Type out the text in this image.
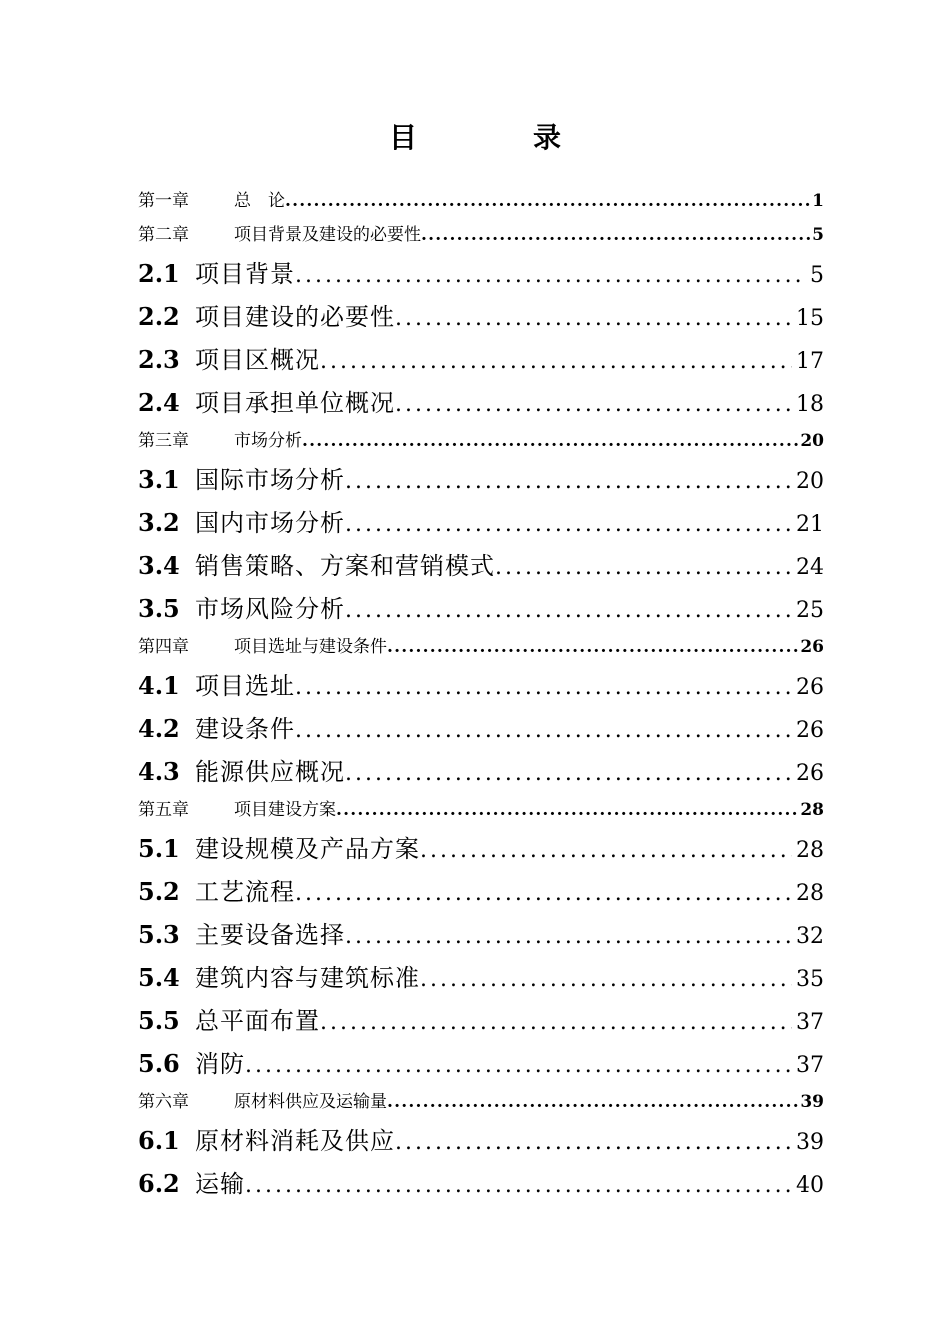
目　录
第一章	总　论 .....	1
第二章	项目背景及建设的必要性 .....	5
2.1 项目背景 .....	5
2.2 项目建设的必要性 .....	15
2.3 项目区概况 .....	17
2.4 项目承担单位概况 .....	18
第三章	市场分析 .....	20
3.1 国际市场分析 .....	20
3.2 国内市场分析 .....	21
3.4 销售策略、方案和营销模式 .....	24
3.5 市场风险分析 .....	25
第四章	项目选址与建设条件 .....	26
4.1 项目选址 .....	26
4.2 建设条件 .....	26
4.3 能源供应概况 .....	26
第五章	项目建设方案 .....	28
5.1 建设规模及产品方案 .....	28
5.2 工艺流程 .....	28
5.3 主要设备选择 .....	32
5.4 建筑内容与建筑标准 .....	35
5.5 总平面布置 .....	37
5.6 消防 .....	37
第六章	原材料供应及运输量 .....	39
6.1 原材料消耗及供应 .....	39
6.2 运输 .....	40
